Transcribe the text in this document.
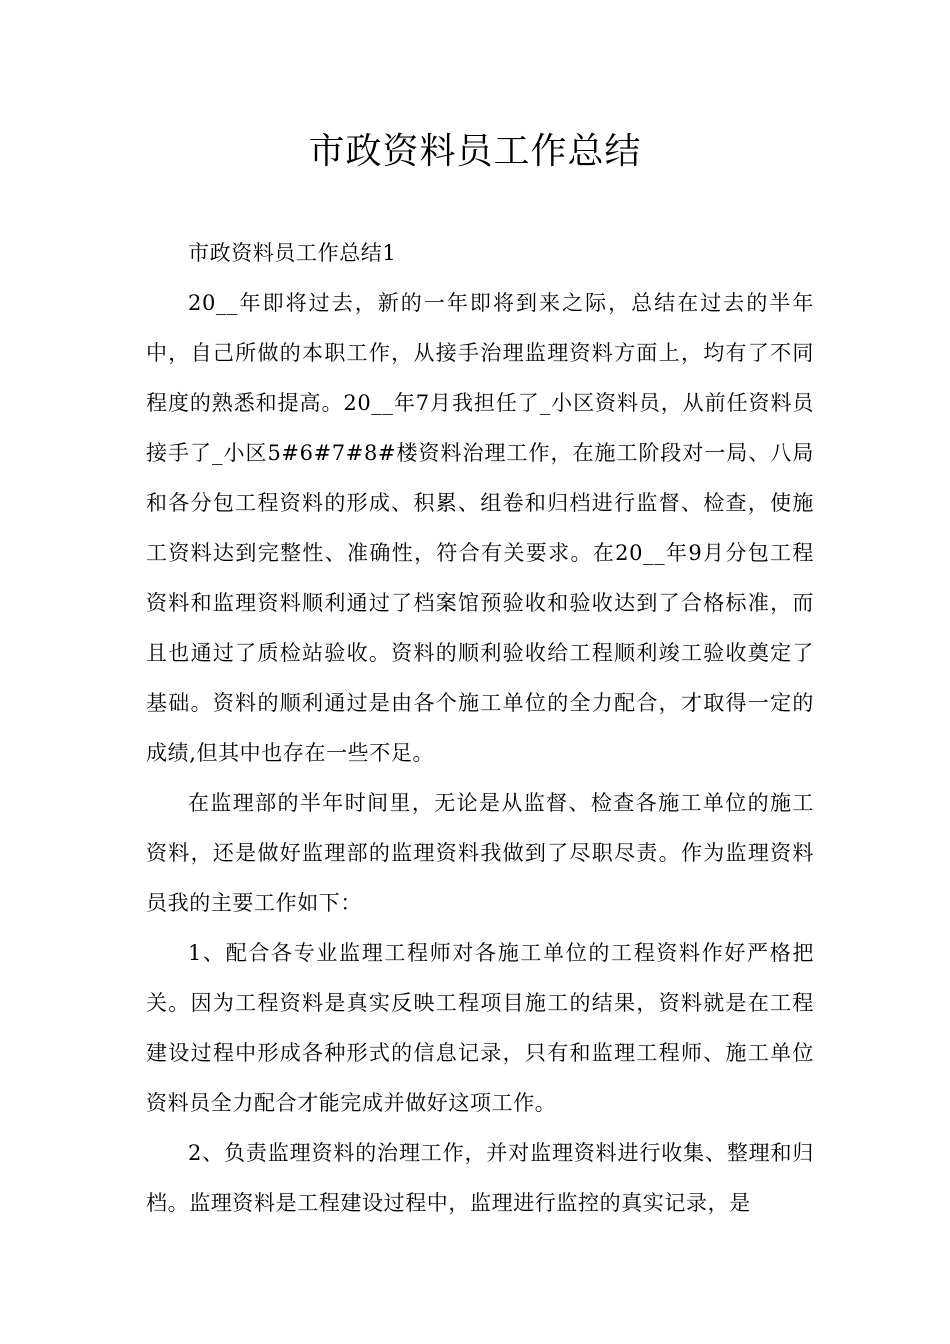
市政资料员工作总结

市政资料员工作总结1

20__年即将过去，新的一年即将到来之际，总结在过去的半年中，自己所做的本职工作，从接手治理监理资料方面上，均有了不同程度的熟悉和提高。20__年7月我担任了_小区资料员，从前任资料员接手了_小区5#6#7#8#楼资料治理工作，在施工阶段对一局、八局和各分包工程资料的形成、积累、组卷和归档进行监督、检查，使施工资料达到完整性、准确性，符合有关要求。在20__年9月分包工程资料和监理资料顺利通过了档案馆预验收和验收达到了合格标准，而且也通过了质检站验收。资料的顺利验收给工程顺利竣工验收奠定了基础。资料的顺利通过是由各个施工单位的全力配合，才取得一定的成绩,但其中也存在一些不足。

在监理部的半年时间里，无论是从监督、检查各施工单位的施工资料，还是做好监理部的监理资料我做到了尽职尽责。作为监理资料员我的主要工作如下：

1、配合各专业监理工程师对各施工单位的工程资料作好严格把关。因为工程资料是真实反映工程项目施工的结果，资料就是在工程建设过程中形成各种形式的信息记录，只有和监理工程师、施工单位资料员全力配合才能完成并做好这项工作。

2、负责监理资料的治理工作，并对监理资料进行收集、整理和归档。监理资料是工程建设过程中，监理进行监控的真实记录，是
